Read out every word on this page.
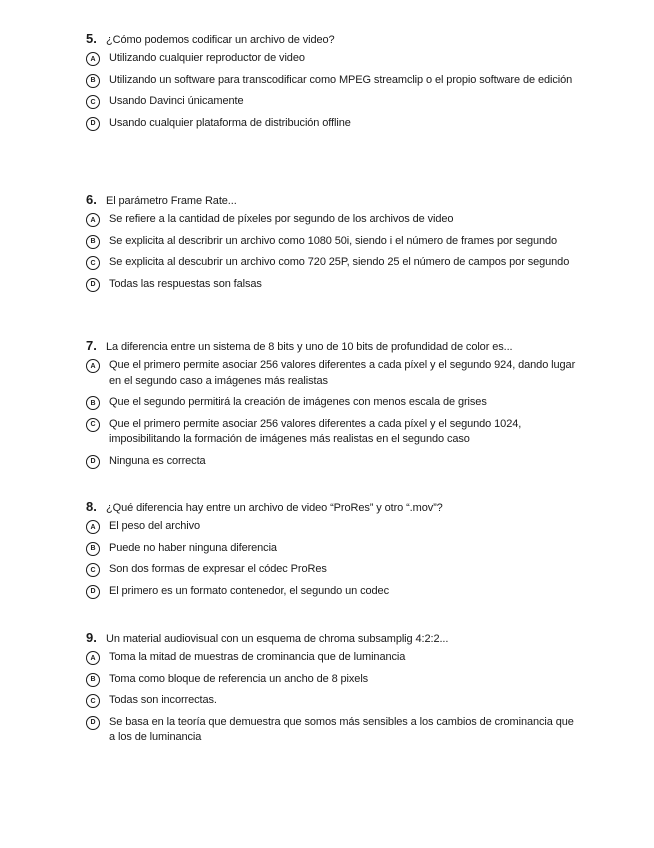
5. ¿Cómo podemos codificar un archivo de video?
A	Utilizando cualquier reproductor de video
B	Utilizando un software para transcodificar como MPEG streamclip o el propio software de edición
C	Usando Davinci únicamente
D	Usando cualquier plataforma de distribución offline
6. El parámetro Frame Rate...
A	Se refiere a la cantidad de píxeles por segundo de los archivos de video
B	Se explicita al describrir un archivo como 1080 50i, siendo i el número de frames por segundo
C	Se explicita al descubrir un archivo como 720 25P, siendo 25 el número de campos por segundo
D	Todas las respuestas son falsas
7. La diferencia entre un sistema de 8 bits y uno de 10 bits de profundidad de color es...
A	Que el primero permite asociar 256 valores diferentes a cada píxel y el segundo 924, dando lugar en el segundo caso a imágenes más realistas
B	Que el segundo permitirá la creación de imágenes con menos escala de grises
C	Que el primero permite asociar 256 valores diferentes a cada píxel y el segundo 1024, imposibilitando la formación de imágenes más realistas en el segundo caso
D	Ninguna es correcta
8. ¿Qué diferencia hay entre un archivo de video “ProRes” y otro “.mov”?
A	El peso del archivo
B	Puede no haber ninguna diferencia
C	Son dos formas de expresar el códec ProRes
D	El primero es un formato contenedor, el segundo un codec
9. Un material audiovisual con un esquema de chroma subsamplig 4:2:2...
A	Toma la mitad de muestras de crominancia que de luminancia
B	Toma como bloque de referencia un ancho de 8 pixels
C	Todas son incorrectas.
D	Se basa en la teoría que demuestra que somos más sensibles a los cambios de crominancia que a los de luminancia
